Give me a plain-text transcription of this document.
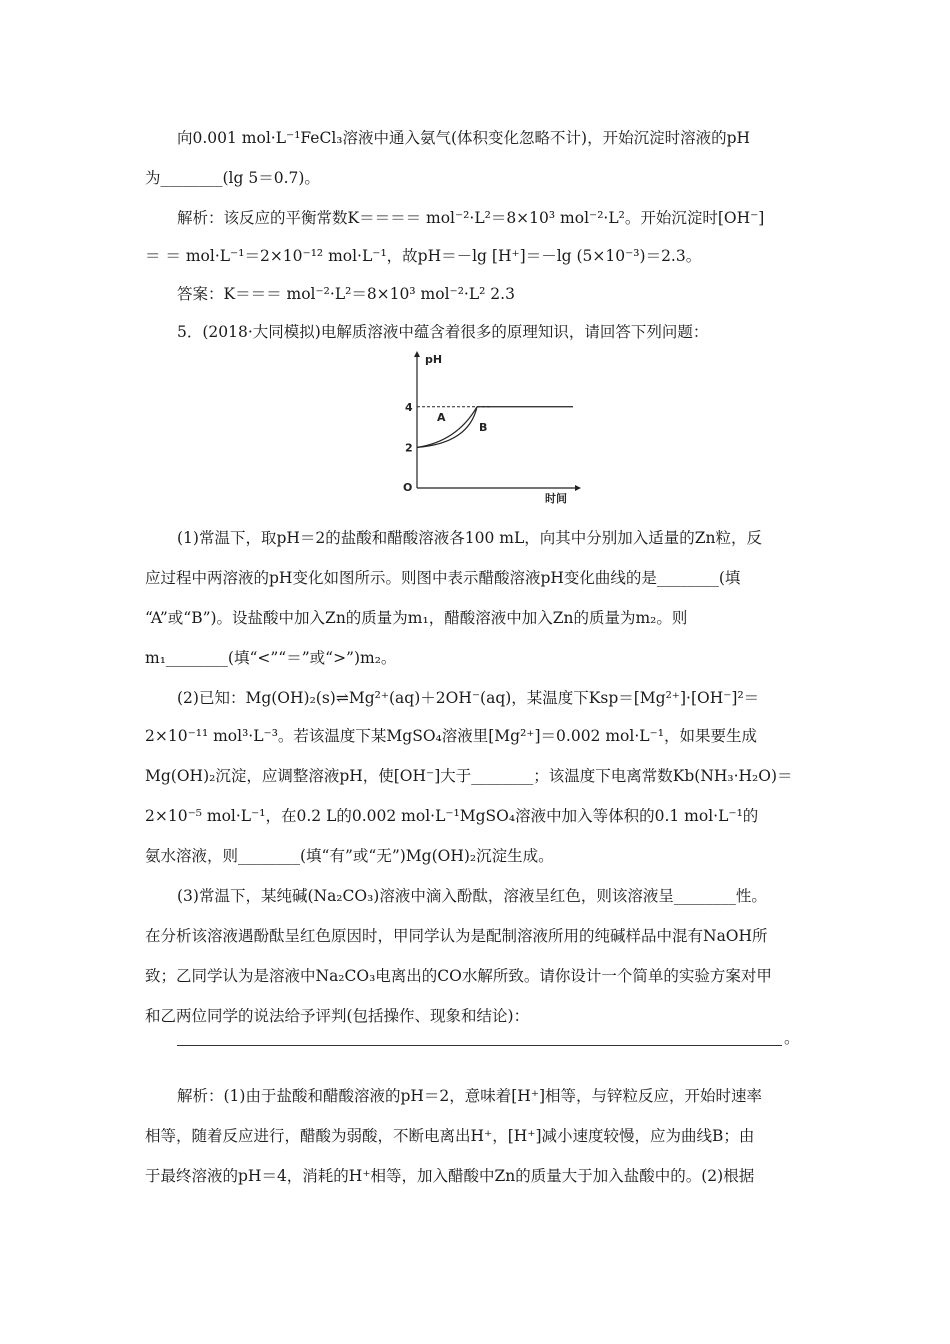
向0.001 mol·L⁻¹FeCl₃溶液中通入氨气(体积变化忽略不计)，开始沉淀时溶液的pH
为________(lg 5＝0.7)。
解析：该反应的平衡常数K＝＝＝＝ mol⁻²·L²＝8×10³ mol⁻²·L²。开始沉淀时[OH⁻]
＝ ＝ mol·L⁻¹＝2×10⁻¹² mol·L⁻¹，故pH＝－lg [H⁺]＝－lg (5×10⁻³)＝2.3。
答案：K＝＝＝ mol⁻²·L²＝8×10³ mol⁻²·L² 2.3
5．(2018·大同模拟)电解质溶液中蕴含着很多的原理知识，请回答下列问题：
pH
时间
O
4
2
A
B
(1)常温下，取pH＝2的盐酸和醋酸溶液各100 mL，向其中分别加入适量的Zn粒，反
应过程中两溶液的pH变化如图所示。则图中表示醋酸溶液pH变化曲线的是________(填
“A”或“B”)。设盐酸中加入Zn的质量为m₁，醋酸溶液中加入Zn的质量为m₂。则
m₁________(填“<”“＝”或“>”)m₂。
(2)已知：Mg(OH)₂(s)⇌Mg²⁺(aq)＋2OH⁻(aq)，某温度下Ksp＝[Mg²⁺]·[OH⁻]²＝
2×10⁻¹¹ mol³·L⁻³。若该温度下某MgSO₄溶液里[Mg²⁺]＝0.002 mol·L⁻¹，如果要生成
Mg(OH)₂沉淀，应调整溶液pH，使[OH⁻]大于________；该温度下电离常数Kb(NH₃·H₂O)＝
2×10⁻⁵ mol·L⁻¹，在0.2 L的0.002 mol·L⁻¹MgSO₄溶液中加入等体积的0.1 mol·L⁻¹的
氨水溶液，则________(填“有”或“无”)Mg(OH)₂沉淀生成。
(3)常温下，某纯碱(Na₂CO₃)溶液中滴入酚酞，溶液呈红色，则该溶液呈________性。
在分析该溶液遇酚酞呈红色原因时，甲同学认为是配制溶液所用的纯碱样品中混有NaOH所
致；乙同学认为是溶液中Na₂CO₃电离出的CO水解所致。请你设计一个简单的实验方案对甲
和乙两位同学的说法给予评判(包括操作、现象和结论)：
。
解析：(1)由于盐酸和醋酸溶液的pH＝2，意味着[H⁺]相等，与锌粒反应，开始时速率
相等，随着反应进行，醋酸为弱酸，不断电离出H⁺，[H⁺]减小速度较慢，应为曲线B；由
于最终溶液的pH＝4，消耗的H⁺相等，加入醋酸中Zn的质量大于加入盐酸中的。(2)根据
